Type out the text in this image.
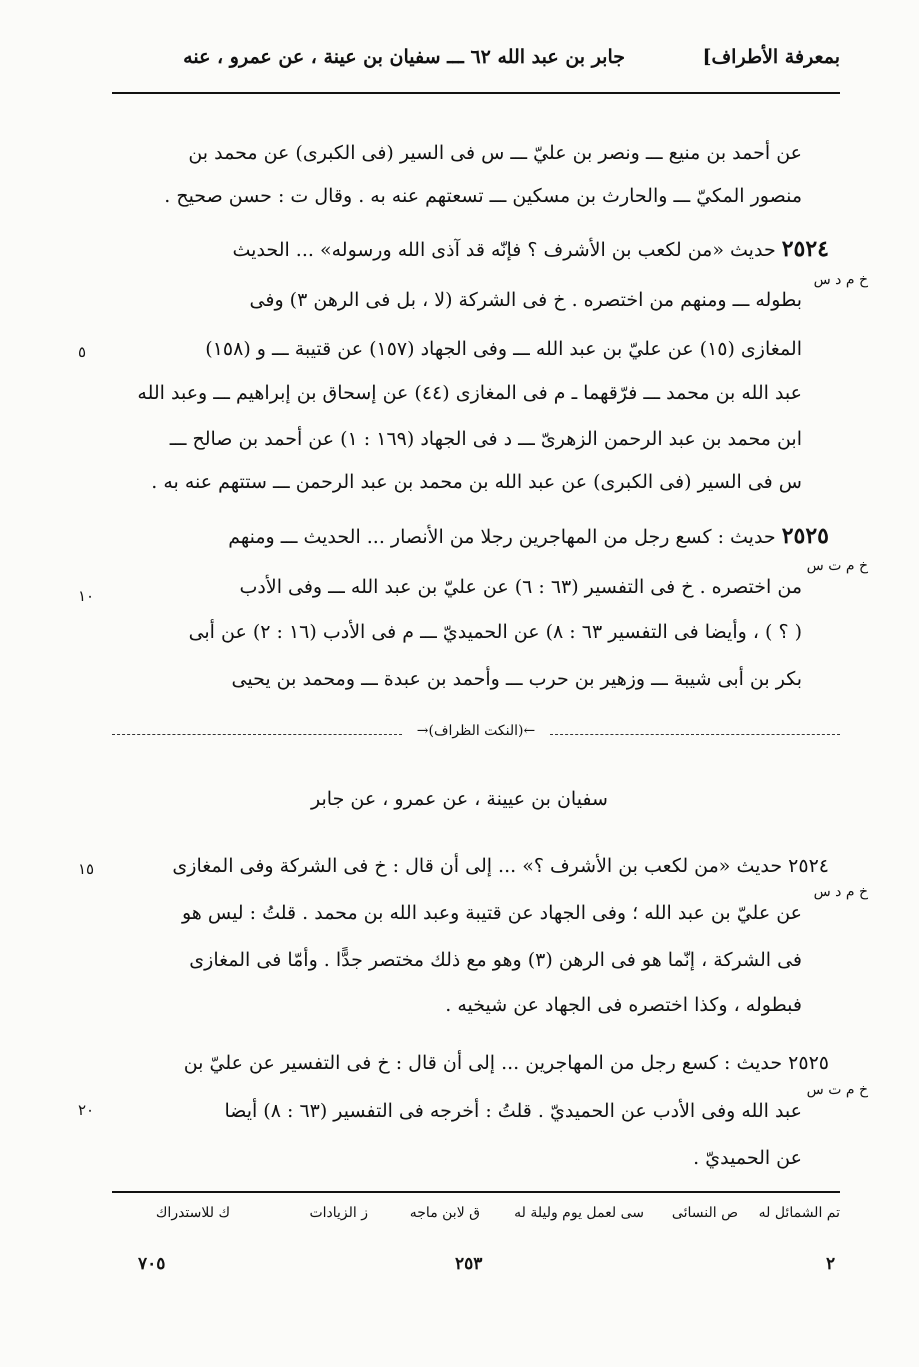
بمعرفة الأطراف]
جابر بن عبد الله ٦٢ ـــ سفيان بن عينة ، عن عمرو ، عنه
عن أحمد بن منيع ـــ ونصر بن عليّ ـــ س فى السير (فى الكبرى) عن محمد بن
منصور المكيّ ـــ والحارث بن مسكين ـــ تسعتهم عنه به . وقال ت : حسن صحيح .
٢٥٢٤ حديث «من لكعب بن الأشرف ؟ فإنّه قد آذى الله ورسوله» ... الحديث
خ م د س
بطوله ـــ ومنهم من اختصره . خ فى الشركة (لا ، بل فى الرهن ٣) وفى
المغازى (١٥) عن عليّ بن عبد الله ـــ وفى الجهاد (١٥٧) عن قتيبة ـــ و (١٥٨)
٥
عبد الله بن محمد ـــ فرّقهما ـ م فى المغازى (٤٤) عن إسحاق بن إبراهيم ـــ وعبد الله
ابن محمد بن عبد الرحمن الزهرىّ ـــ د فى الجهاد (١٦٩ : ١) عن أحمد بن صالح ـــ
س فى السير (فى الكبرى) عن عبد الله بن محمد بن عبد الرحمن ـــ ستتهم عنه به .
٢٥٢٥ حديث : كسع رجل من المهاجرين رجلا من الأنصار ... الحديث ـــ ومنهم
خ م ت س
من اختصره . خ فى التفسير (٦٣ : ٦) عن عليّ بن عبد الله ـــ وفى الأدب
١٠
( ؟ ) ، وأيضا فى التفسير ٦٣ : ٨) عن الحميديّ ـــ م فى الأدب (١٦ : ٢) عن أبى
بكر بن أبى شيبة ـــ وزهير بن حرب ـــ وأحمد بن عبدة ـــ ومحمد بن يحيى
←(النكت الظراف)→
سفيان بن عيينة ، عن عمرو ، عن جابر
٢٥٢٤ حديث «من لكعب بن الأشرف ؟» ... إلى أن قال : خ فى الشركة وفى المغازى
١٥
خ م د س
عن عليّ بن عبد الله ؛ وفى الجهاد عن قتيبة وعبد الله بن محمد . قلتُ : ليس هو
فى الشركة ، إنّما هو فى الرهن (٣) وهو مع ذلك مختصر جدًّا . وأمّا فى المغازى
فبطوله ، وكذا اختصره فى الجهاد عن شيخيه .
٢٥٢٥ حديث : كسع رجل من المهاجرين ... إلى أن قال : خ فى التفسير عن عليّ بن
خ م ت س
عبد الله وفى الأدب عن الحميديّ . قلتُ : أخرجه فى التفسير (٦٣ : ٨) أيضا
٢٠
عن الحميديّ .
تم الشمائل له
ص النسائى
سى لعمل يوم وليلة له
ق لابن ماجه
ز الزيادات
ك للاستدراك
٢
٢٥٣
٧٠٥
